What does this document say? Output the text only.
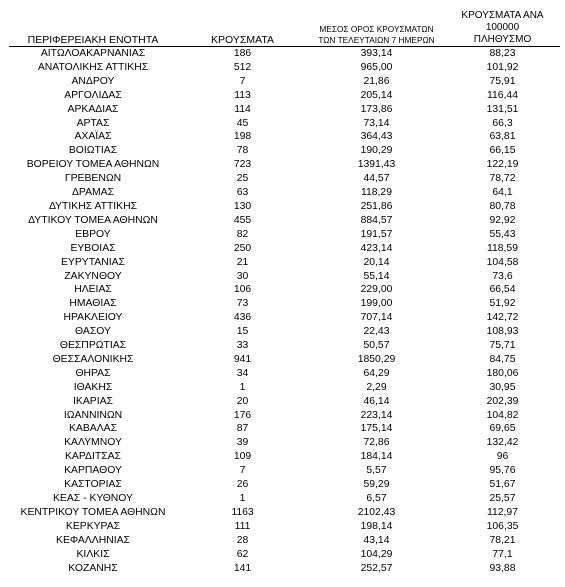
ΠΕΡΙΦΕΡΕΙΑΚΗ ΕΝΟΤΗΤΑ	ΚΡΟΥΣΜΑΤΑ	ΜΕΣΟΣ ΟΡΟΣ ΚΡΟΥΣΜΑΤΩΝ
ΤΩΝ ΤΕΛΕΥΤΑΙΩΝ 7 ΗΜΕΡΩΝ	ΚΡΟΥΣΜΑΤΑ ΑΝΑ 100000
ΠΛΗΘΥΣΜΟ
ΑΙΤΩΛΟΑΚΑΡΝΑΝΙΑΣ	186	393,14	88,23
ΑΝΑΤΟΛΙΚΗΣ ΑΤΤΙΚΗΣ	512	965,00	101,92
ΑΝΔΡΟΥ	7	21,86	75,91
ΑΡΓΟΛΙΔΑΣ	113	205,14	116,44
ΑΡΚΑΔΙΑΣ	114	173,86	131,51
ΑΡΤΑΣ	45	73,14	66,3
ΑΧΑΪΑΣ	198	364,43	63,81
ΒΟΙΩΤΙΑΣ	78	190,29	66,15
ΒΟΡΕΙΟΥ ΤΟΜΕΑ ΑΘΗΝΩΝ	723	1391,43	122,19
ΓΡΕΒΕΝΩΝ	25	44,57	78,72
ΔΡΑΜΑΣ	63	118,29	64,1
ΔΥΤΙΚΗΣ ΑΤΤΙΚΗΣ	130	251,86	80,78
ΔΥΤΙΚΟΥ ΤΟΜΕΑ ΑΘΗΝΩΝ	455	884,57	92,92
ΕΒΡΟΥ	82	191,57	55,43
ΕΥΒΟΙΑΣ	250	423,14	118,59
ΕΥΡΥΤΑΝΙΑΣ	21	20,14	104,58
ΖΑΚΥΝΘΟΥ	30	55,14	73,6
ΗΛΕΙΑΣ	106	229,00	66,54
ΗΜΑΘΙΑΣ	73	199,00	51,92
ΗΡΑΚΛΕΙΟΥ	436	707,14	142,72
ΘΑΣΟΥ	15	22,43	108,93
ΘΕΣΠΡΩΤΙΑΣ	33	50,57	75,71
ΘΕΣΣΑΛΟΝΙΚΗΣ	941	1850,29	84,75
ΘΗΡΑΣ	34	64,29	180,06
ΙΘΑΚΗΣ	1	2,29	30,95
ΙΚΑΡΙΑΣ	20	46,14	202,39
ΙΩΑΝΝΙΝΩΝ	176	223,14	104,82
ΚΑΒΑΛΑΣ	87	175,14	69,65
ΚΑΛΥΜΝΟΥ	39	72,86	132,42
ΚΑΡΔΙΤΣΑΣ	109	184,14	96
ΚΑΡΠΑΘΟΥ	7	5,57	95,76
ΚΑΣΤΟΡΙΑΣ	26	59,29	51,67
ΚΕΑΣ - ΚΥΘΝΟΥ	1	6,57	25,57
ΚΕΝΤΡΙΚΟΥ ΤΟΜΕΑ ΑΘΗΝΩΝ	1163	2102,43	112,97
ΚΕΡΚΥΡΑΣ	111	198,14	106,35
ΚΕΦΑΛΛΗΝΙΑΣ	28	43,14	78,21
ΚΙΛΚΙΣ	62	104,29	77,1
ΚΟΖΑΝΗΣ	141	252,57	93,88
